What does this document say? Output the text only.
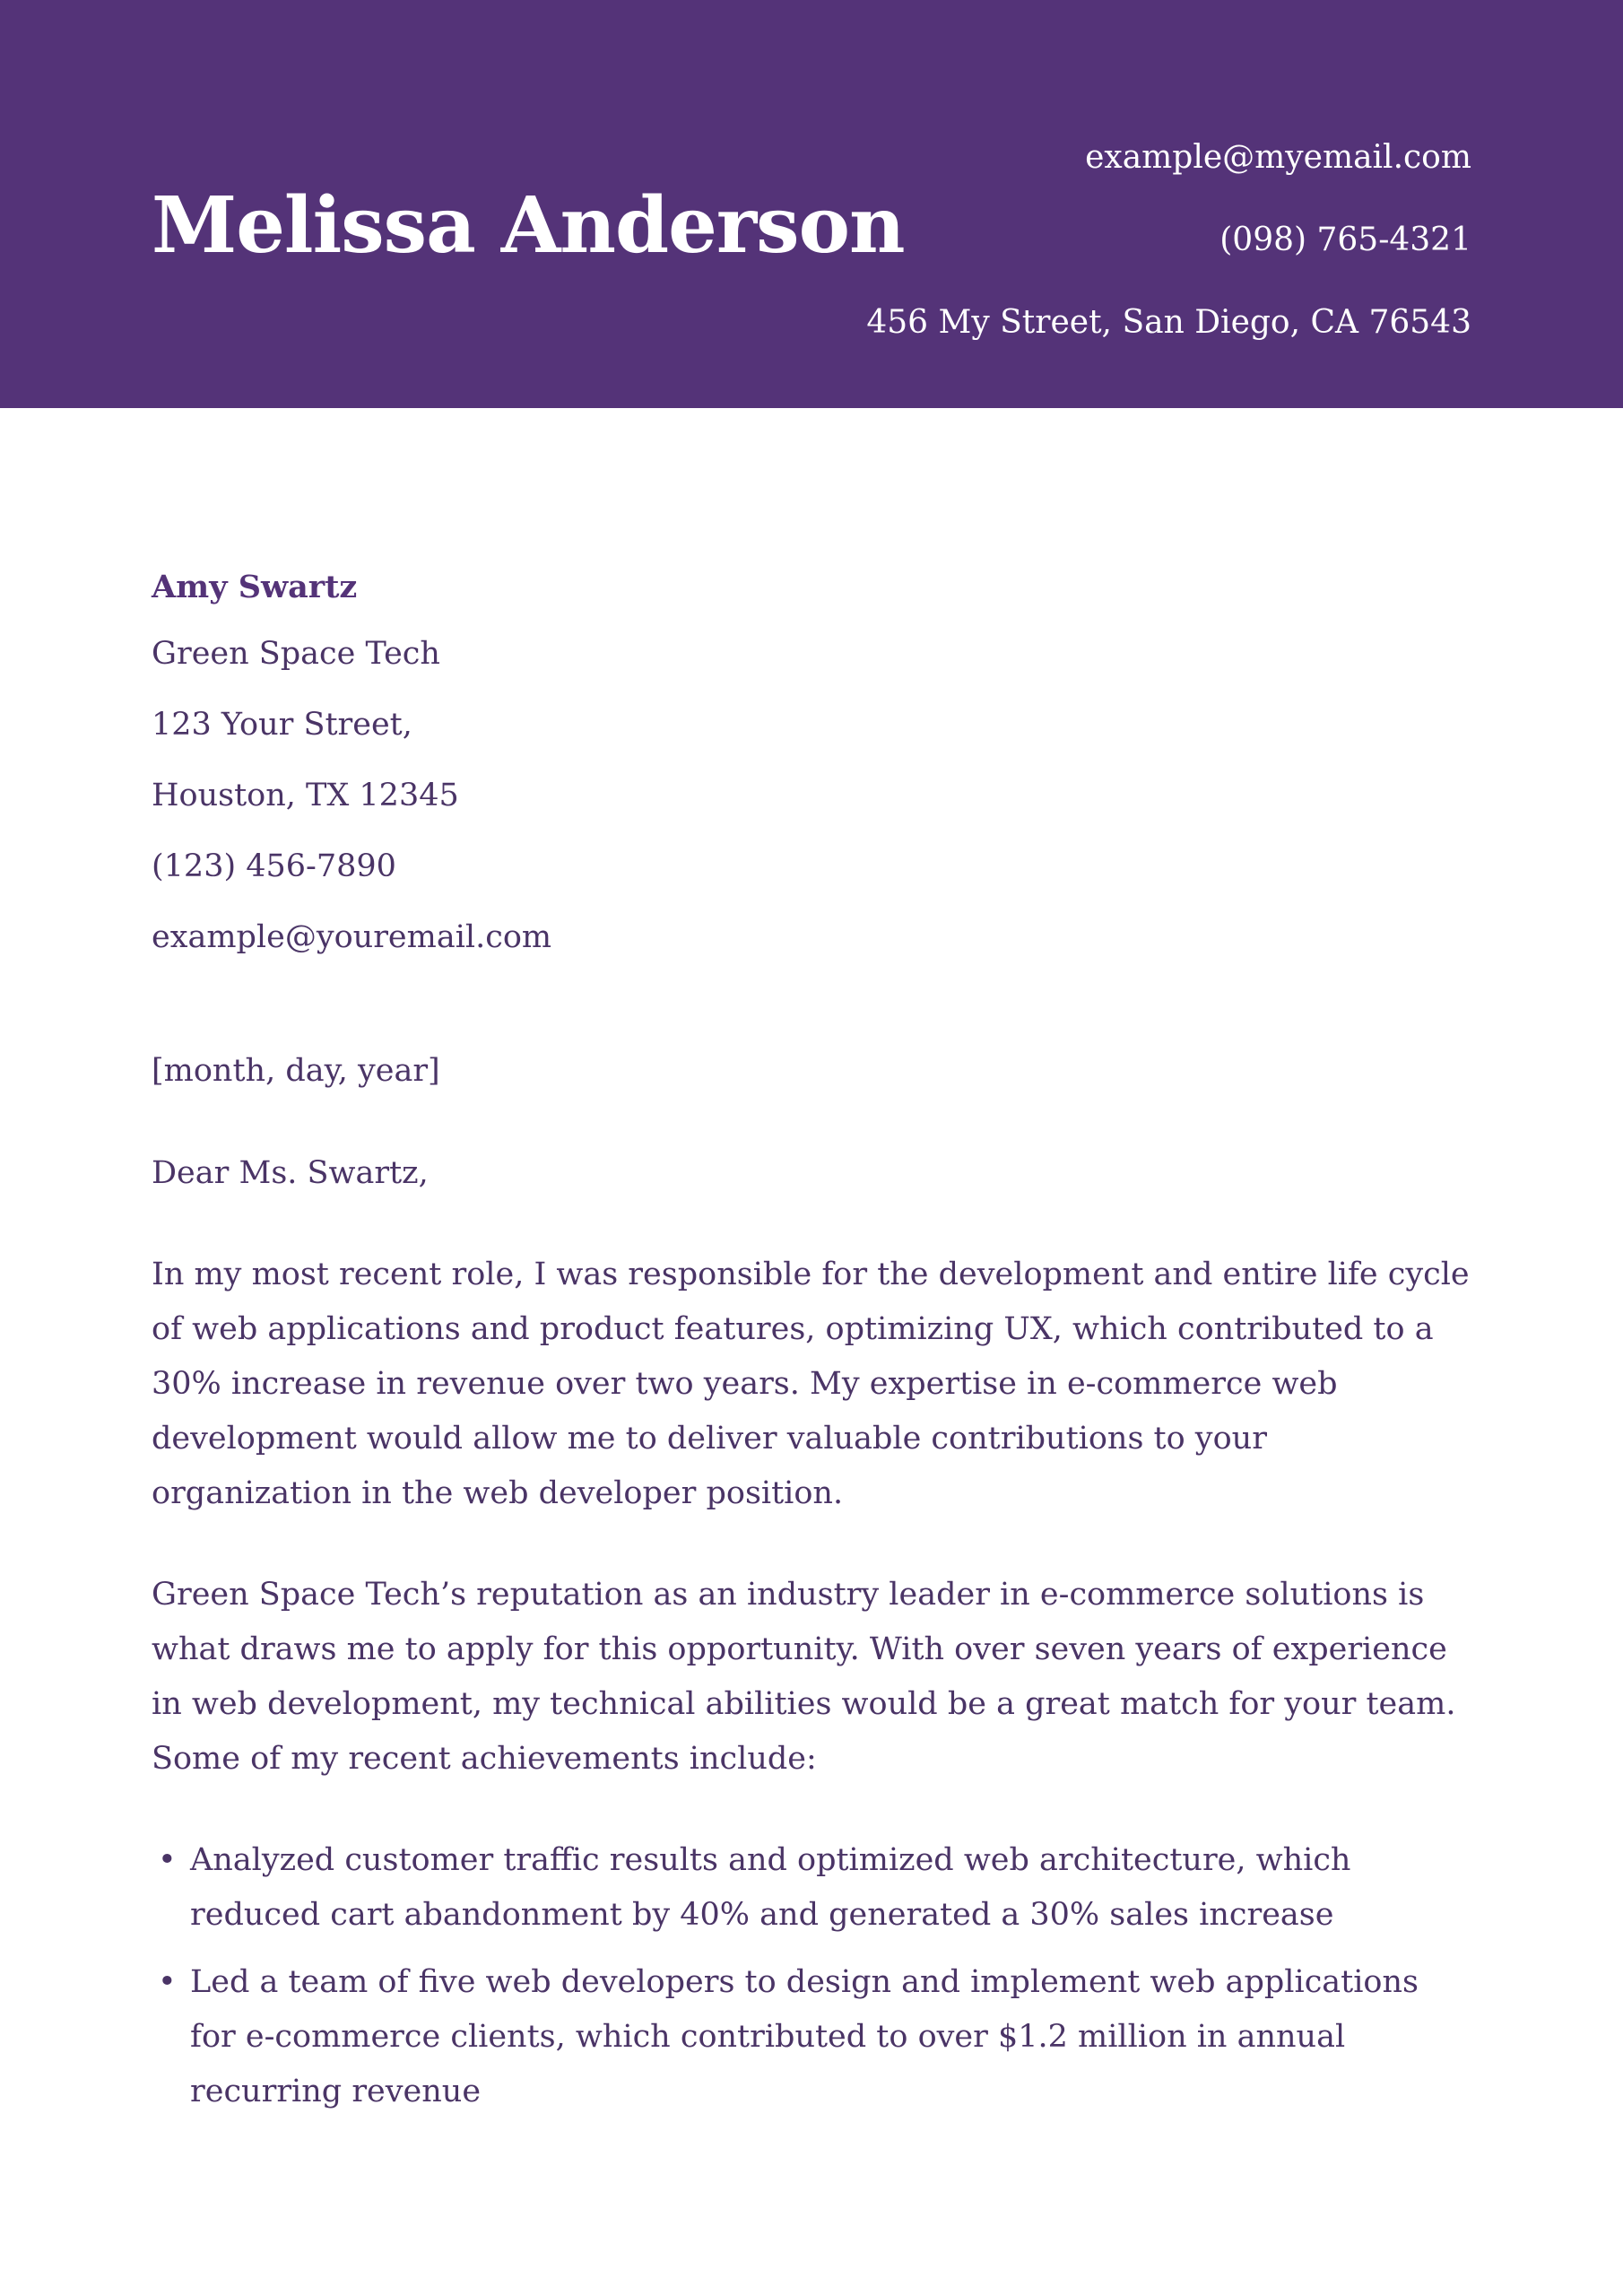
Melissa Anderson
example@myemail.com
(098) 765-4321
456 My Street, San Diego, CA 76543
Amy Swartz
Green Space Tech
123 Your Street,
Houston, TX 12345
(123) 456-7890
example@youremail.com
[month, day, year]
Dear Ms. Swartz,

In my most recent role, I was responsible for the development and entire life cycle of web applications and product features, optimizing UX, which contributed to a 30% increase in revenue over two years. My expertise in e-commerce web development would allow me to deliver valuable contributions to your organization in the web developer position.

Green Space Tech’s reputation as an industry leader in e-commerce solutions is what draws me to apply for this opportunity. With over seven years of experience in web development, my technical abilities would be a great match for your team. Some of my recent achievements include:

• Analyzed customer traffic results and optimized web architecture, which reduced cart abandonment by 40% and generated a 30% sales increase
• Led a team of five web developers to design and implement web applications for e-commerce clients, which contributed to over $1.2 million in annual recurring revenue
